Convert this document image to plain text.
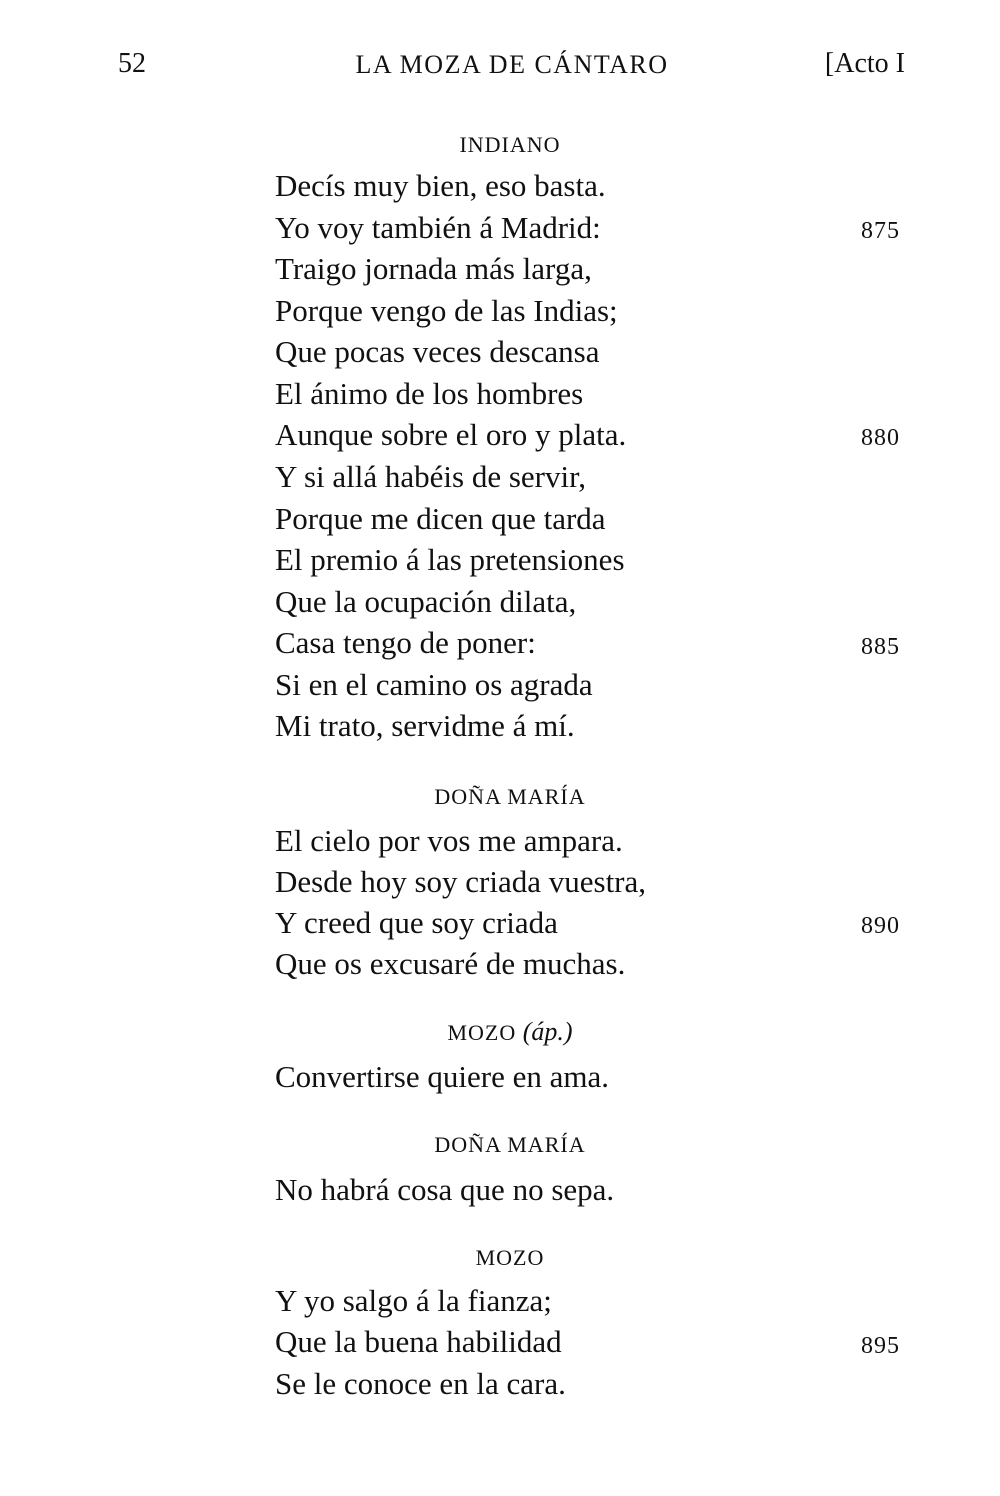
52	LA MOZA DE CÁNTARO	[Acto I
INDIANO
Decís muy bien, eso basta.
Yo voy también á Madrid:	875
Traigo jornada más larga,
Porque vengo de las Indias;
Que pocas veces descansa
El ánimo de los hombres
Aunque sobre el oro y plata.	880
Y si allá habéis de servir,
Porque me dicen que tarda
El premio á las pretensiones
Que la ocupación dilata,
Casa tengo de poner:	885
Si en el camino os agrada
Mi trato, servidme á mí.
DOÑA MARÍA
El cielo por vos me ampara.
Desde hoy soy criada vuestra,
Y creed que soy criada	890
Que os excusaré de muchas.
MOZO (áp.)
Convertirse quiere en ama.
DOÑA MARÍA
No habrá cosa que no sepa.
MOZO
Y yo salgo á la fianza;
Que la buena habilidad	895
Se le conoce en la cara.
